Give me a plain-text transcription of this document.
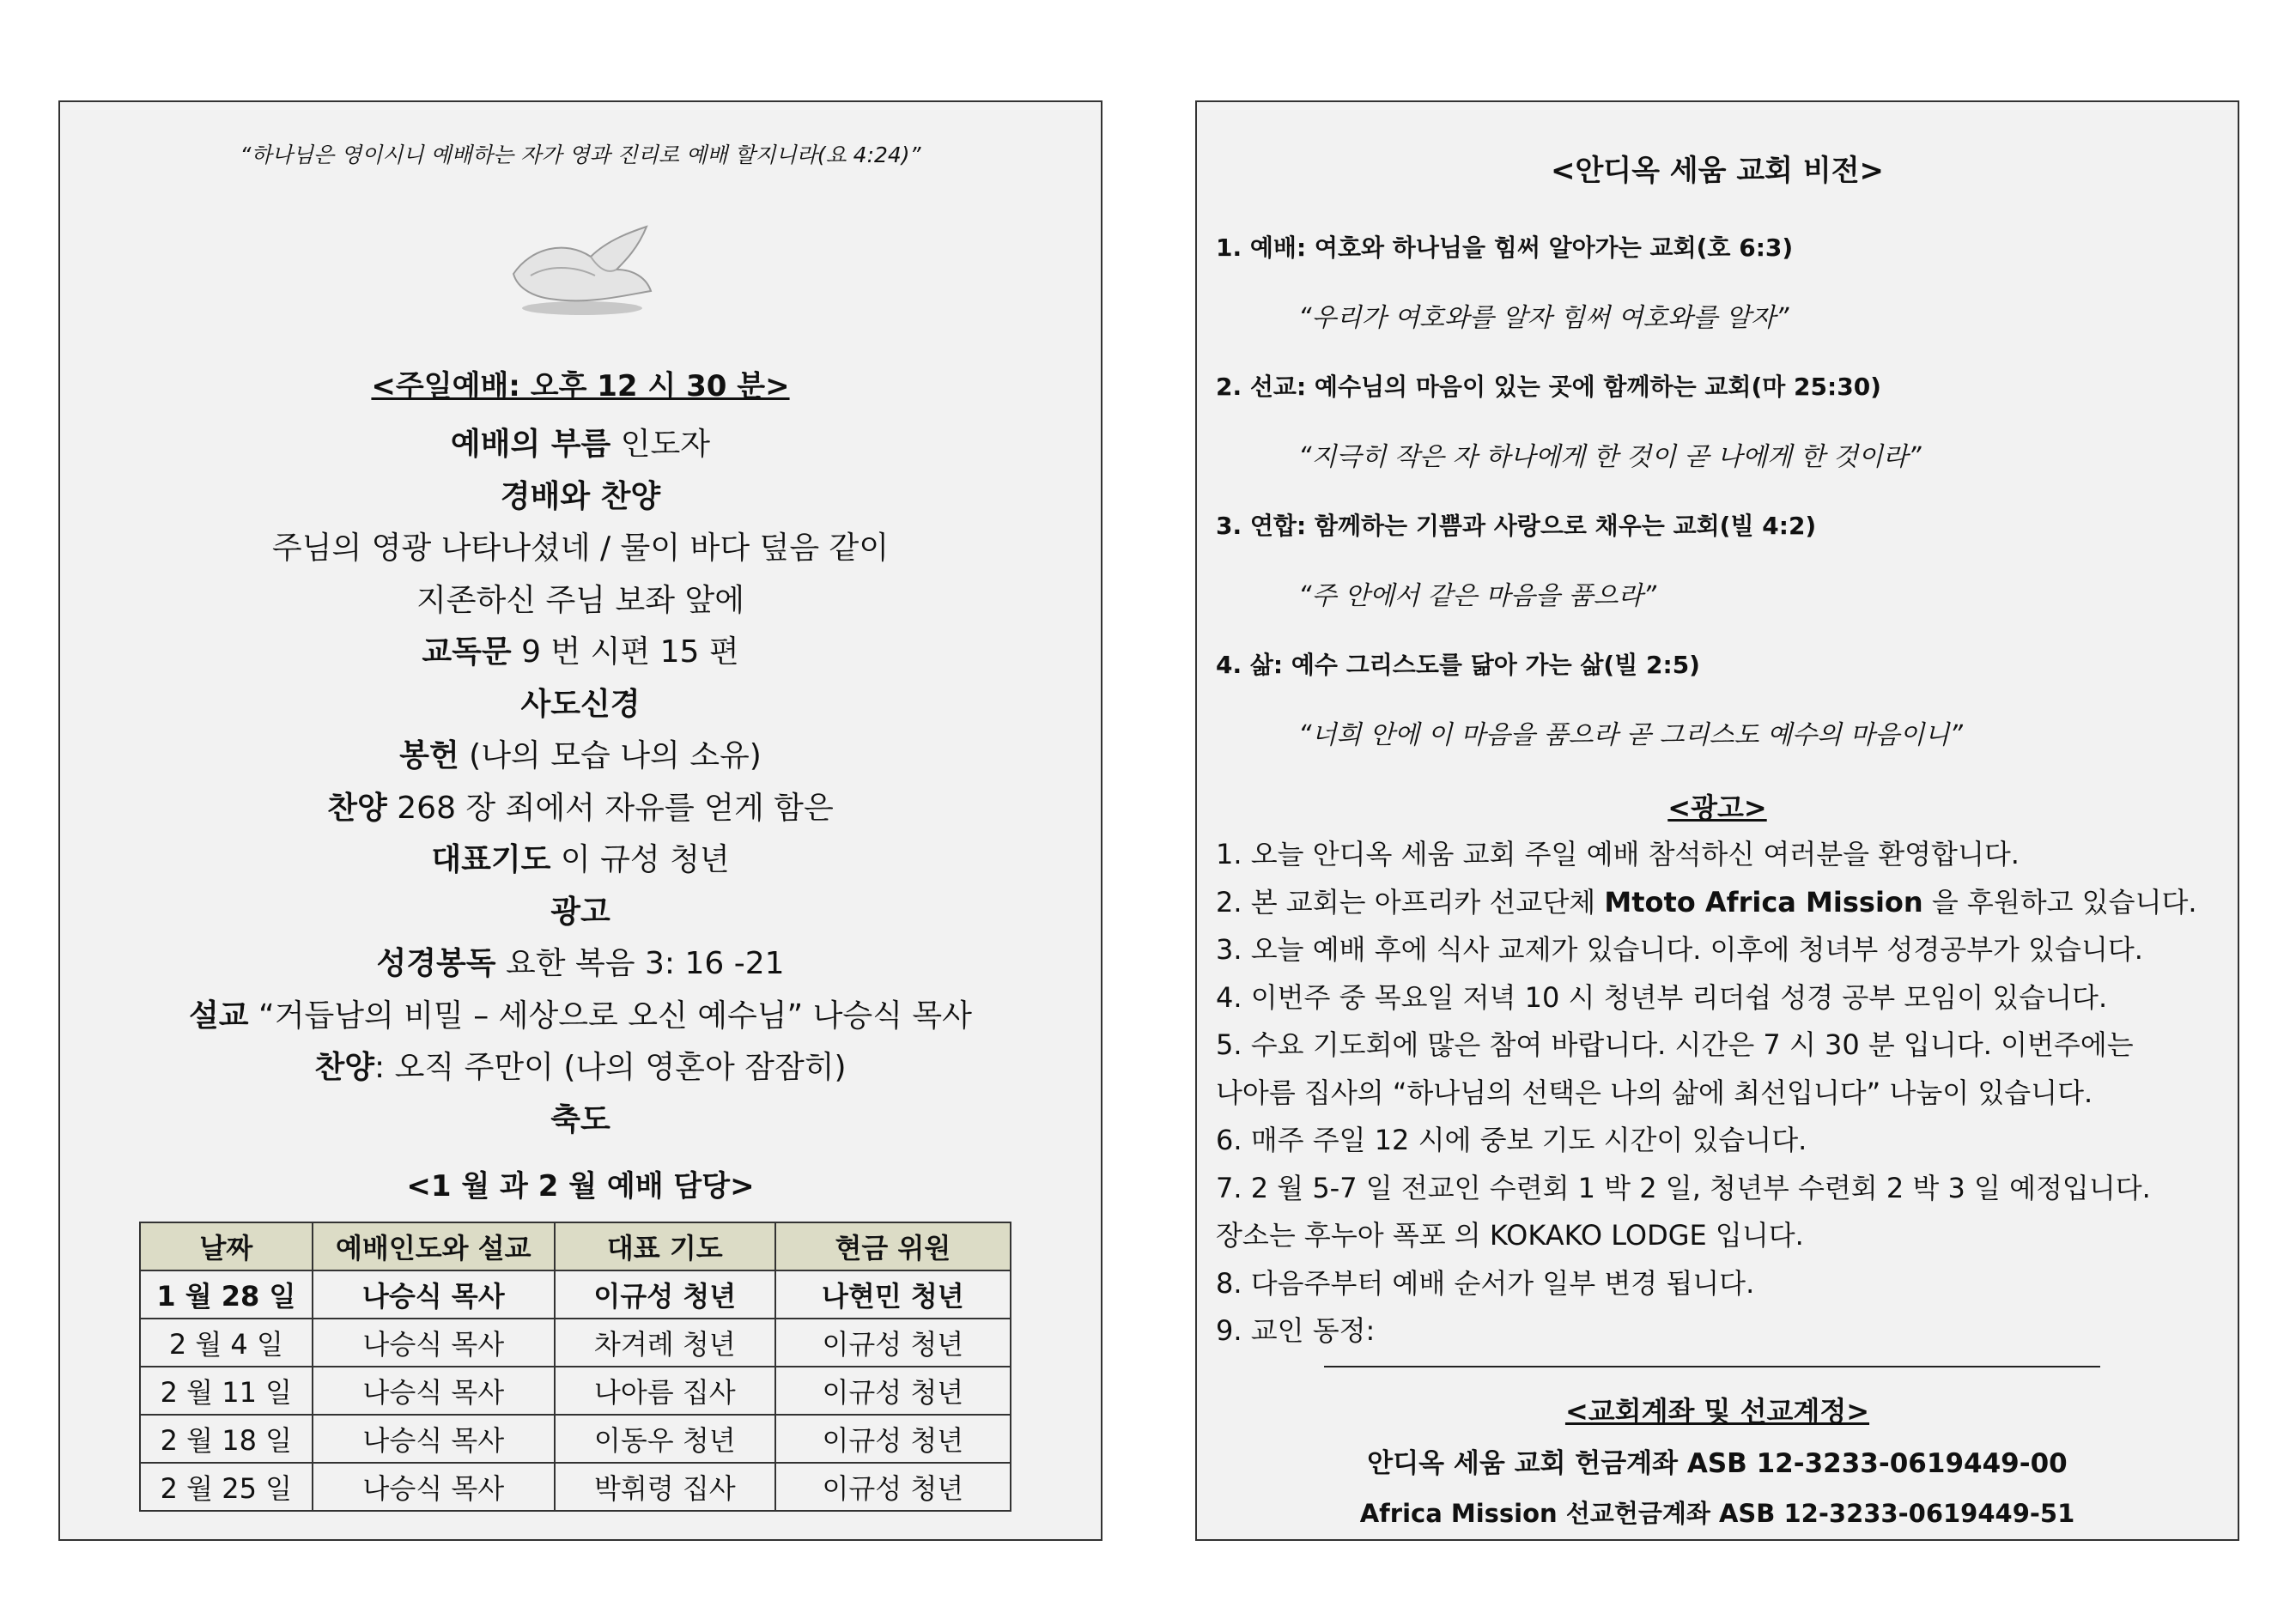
“하나님은 영이시니 예배하는 자가 영과 진리로 예배 할지니라(요 4:24)”
<주일예배: 오후 12 시 30 분>
예배의 부름 인도자
경배와 찬양
주님의 영광 나타나셨네 / 물이 바다 덮음 같이
지존하신 주님 보좌 앞에
교독문 9 번 시편 15 편
사도신경
봉헌 (나의 모습 나의 소유)
찬양 268 장 죄에서 자유를 얻게 함은
대표기도 이 규성 청년
광고
성경봉독 요한 복음 3: 16 -21
설교 “거듭남의 비밀 – 세상으로 오신 예수님” 나승식 목사
찬양: 오직 주만이 (나의 영혼아 잠잠히)
축도
<1 월 과 2 월 예배 담당>
날짜	예배인도와 설교	대표 기도	현금 위원
1 월 28 일	나승식 목사	이규성 청년	나현민 청년
2 월 4 일	나승식 목사	차겨례 청년	이규성 청년
2 월 11 일	나승식 목사	나아름 집사	이규성 청년
2 월 18 일	나승식 목사	이동우 청년	이규성 청년
2 월 25 일	나승식 목사	박휘령 집사	이규성 청년
<안디옥 세움 교회 비전>
1. 예배: 여호와 하나님을 힘써 알아가는 교회(호 6:3)
“우리가 여호와를 알자 힘써 여호와를 알자”
2. 선교: 예수님의 마음이 있는 곳에 함께하는 교회(마 25:30)
“지극히 작은 자 하나에게 한 것이 곧 나에게 한 것이라”
3. 연합: 함께하는 기쁨과 사랑으로 채우는 교회(빌 4:2)
“주 안에서 같은 마음을 품으라”
4. 삶: 예수 그리스도를 닮아 가는 삶(빌 2:5)
“너희 안에 이 마음을 품으라 곧 그리스도 예수의 마음이니”
<광고>
1. 오늘 안디옥 세움 교회 주일 예배 참석하신 여러분을 환영합니다.
2. 본 교회는 아프리카 선교단체 Mtoto Africa Mission 을 후원하고 있습니다.
3. 오늘 예배 후에 식사 교제가 있습니다. 이후에 청녀부 성경공부가 있습니다.
4. 이번주 중 목요일 저녁 10 시 청년부 리더쉽 성경 공부 모임이 있습니다.
5. 수요 기도회에 많은 참여 바랍니다. 시간은 7 시 30 분 입니다. 이번주에는
나아름 집사의 “하나님의 선택은 나의 삶에 최선입니다” 나눔이 있습니다.
6. 매주 주일 12 시에 중보 기도 시간이 있습니다.
7. 2 월 5-7 일 전교인 수련회 1 박 2 일, 청년부 수련회 2 박 3 일 예정입니다.
장소는 후누아 폭포 의 KOKAKO LODGE 입니다.
8. 다음주부터 예배 순서가 일부 변경 됩니다.
9. 교인 동정:
<교회계좌 및 선교계정>
안디옥 세움 교회 헌금계좌 ASB 12-3233-0619449-00
Africa Mission 선교헌금계좌 ASB 12-3233-0619449-51
